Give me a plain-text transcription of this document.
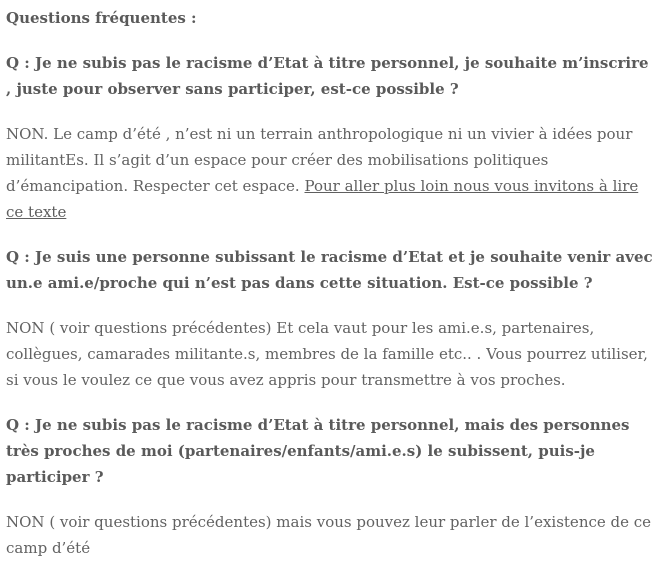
Questions fréquentes :

Q : Je ne subis pas le racisme d’Etat à titre personnel, je souhaite m’inscrire , juste pour observer sans participer, est-ce possible ?

NON. Le camp d’été , n’est ni un terrain anthropologique ni un vivier à idées pour militantEs. Il s’agit d’un espace pour créer des mobilisations politiques d’émancipation. Respecter cet espace. Pour aller plus loin nous vous invitons à lire ce texte

Q : Je suis une personne subissant le racisme d’Etat et je souhaite venir avec un.e ami.e/proche qui n’est pas dans cette situation. Est-ce possible ?

NON ( voir questions précédentes) Et cela vaut pour les ami.e.s, partenaires, collègues, camarades militante.s, membres de la famille etc.. . Vous pourrez utiliser, si vous le voulez ce que vous avez appris pour transmettre à vos proches.

Q : Je ne subis pas le racisme d’Etat à titre personnel, mais des personnes très proches de moi (partenaires/enfants/ami.e.s) le subissent, puis-je participer ?

NON ( voir questions précédentes) mais vous pouvez leur parler de l’existence de ce camp d’été
